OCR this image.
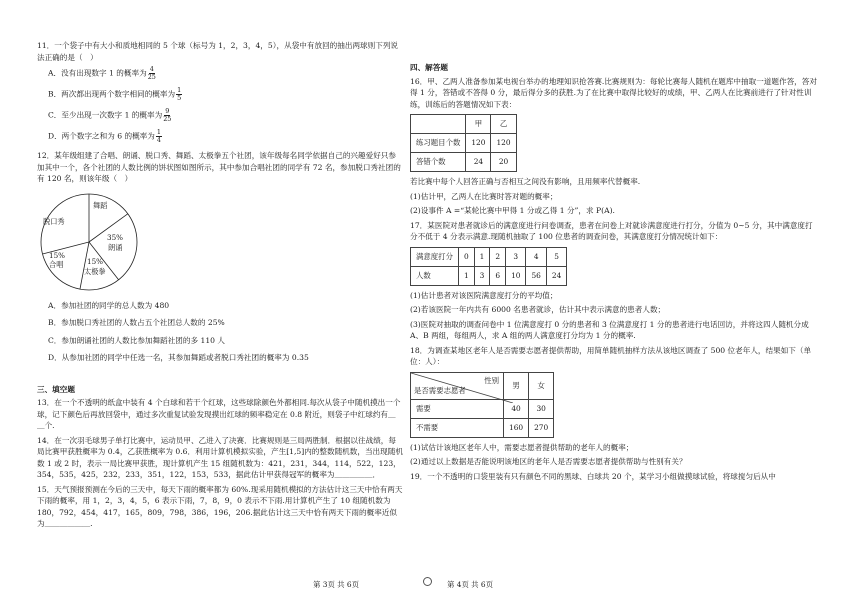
11．一个袋子中有大小和质地相同的 5 个球（标号为 1，2，3，4，5），从袋中有放回的抽出两球则下列说法正确的是（　）

A．没有出现数字 1 的概率为 $\frac{4}{25}$
B．两次都出现两个数字相同的概率为 $\frac{1}{5}$
C．至少出现一次数字 1 的概率为 $\frac{9}{25}$
D．两个数字之和为 6 的概率为 $\frac{1}{4}$

12．某年级组建了合唱、朗诵、脱口秀、舞蹈、太极拳五个社团，该年级每名同学依据自己的兴趣爱好只参加其中一个，各个社团的人数比例的饼状图如图所示，其中参加合唱社团的同学有 72 名，参加脱口秀社团的有 120 名，则该年级（　）

舞蹈
脱口秀
35%
朗诵
15%
合唱	15%
太极拳
A．参加社团的同学的总人数为 480
B．参加脱口秀社团的人数占五个社团总人数的 25%
C．参加朗诵社团的人数比参加舞蹈社团的多 110 人
D．从参加社团的同学中任选一名，其参加舞蹈或者脱口秀社团的概率为 0.35
三、填空题

13．在一个不透明的纸盒中装有 4 个白球和若干个红球，这些球除颜色外都相同.每次从袋子中随机摸出一个球，记下颜色后再放回袋中，通过多次重复试验发现摸出红球的频率稳定在 0.8 附近，则袋子中红球约有＿＿个.

14．在一次羽毛球男子单打比赛中，运动员甲、乙进入了决赛．比赛规则是三局两胜制．根据以往战绩，每局比赛甲获胜概率为 0.4，乙获胜概率为 0.6．利用计算机模拟实验，产生[1,5]内的整数随机数，当出现随机数 1 或 2 时，表示一局比赛甲获胜，现计算机产生 15 组随机数为：421，231，344，114，522，123，354，535，425，232，233，351，122，153，533，据此估计甲获得冠军的概率为＿＿＿＿＿．

15．天气预报预测在今后的三天中，每天下雨的概率都为 60%.现采用随机模拟的方法估计这三天中恰有两天下雨的概率，用 1，2，3，4，5，6 表示下雨，7，8，9，0 表示不下雨.用计算机产生了 10 组随机数为 180，792，454，417，165，809，798，386，196，206.据此估计这三天中恰有两天下雨的概率近似为＿＿＿＿＿＿.

四、解答题

16．甲、乙两人准备参加某电视台举办的地理知识抢答赛.比赛规则为：每轮比赛每人随机在题库中抽取一道题作答，答对得 1 分，答错或不答得 0 分，最后得分多的获胜.为了在比赛中取得比较好的成绩，甲、乙两人在比赛前进行了针对性训练，训练后的答题情况如下表：

	甲	乙
练习题目个数	120	120
答错个数	24	20

若比赛中每个人回答正确与否相互之间没有影响，且用频率代替概率.

(1)估计甲，乙两人在比赛时答对题的概率；

(2)设事件 A =“某轮比赛中甲得 1 分或乙得 1 分”，求 P(A).

17．某医院对患者就诊后的满意度进行问卷调查，患者在问卷上对就诊满意度进行打分，分值为 0~5 分，其中满意度打分不低于 4 分表示满意.现随机抽取了 100 位患者的调查问卷，其满意度打分情况统计如下：

满意度打分	0	1	2	3	4	5
人数	1	3	6	10	56	24

(1)估计患者对该医院满意度打分的平均值；

(2)若该医院一年内共有 6000 名患者就诊，估计其中表示满意的患者人数；

(3)医院对抽取的调查问卷中 1 位满意度打 0 分的患者和 3 位满意度打 1 分的患者进行电话回访，并将这四人随机分成 A、B 两组，每组两人，求 A 组的两人满意度打分均为 1 分的概率.

18．为调查某地区老年人是否需要志愿者提供帮助，用简单随机抽样方法从该地区调查了 500 位老年人，结果如下（单位：人）：

性别
是否需要志愿者	男	女
需要	40	30
不需要	160	270

(1)试估计该地区老年人中，需要志愿者提供帮助的老年人的概率；

(2)通过以上数据是否能说明该地区的老年人是否需要志愿者提供帮助与性别有关？

19．一个不透明的口袋里装有只有颜色不同的黑球、白球共 20 个，某学习小组做摸球试验，将球搅匀后从中

第 3页 共 6页	第 4页 共 6页
